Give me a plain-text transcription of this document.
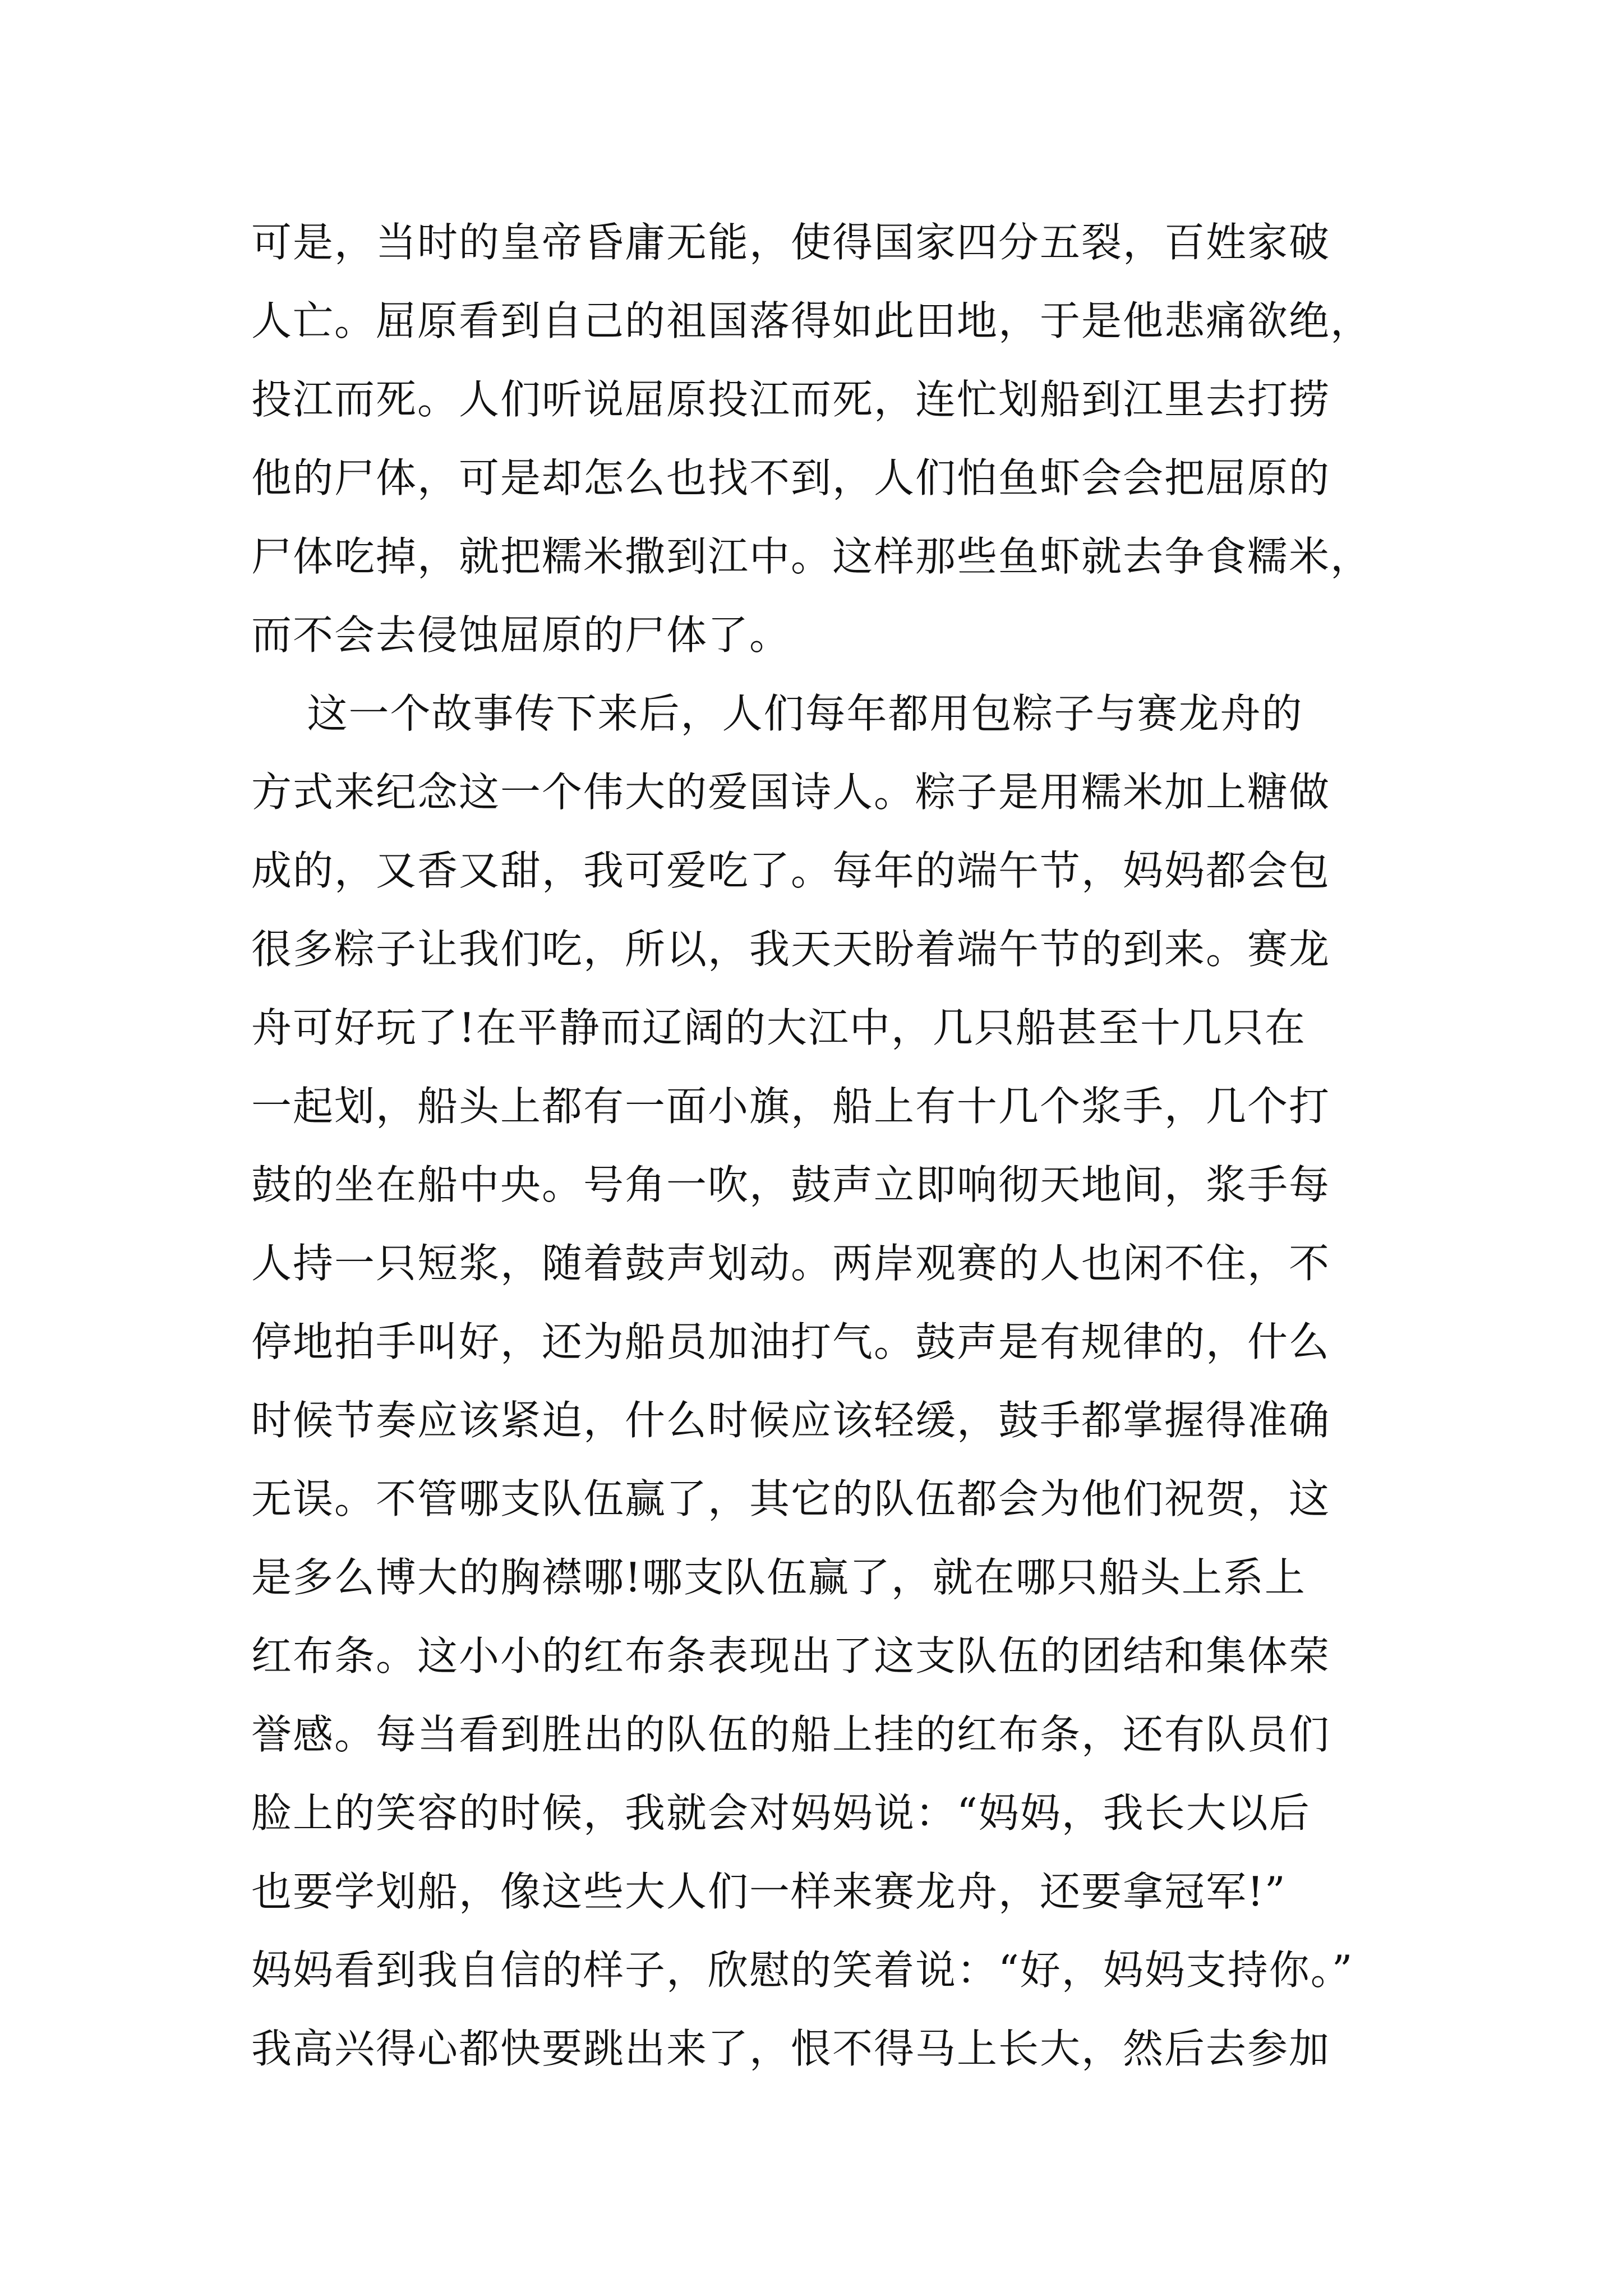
可是，当时的皇帝昏庸无能，使得国家四分五裂，百姓家破
人亡。屈原看到自己的祖国落得如此田地，于是他悲痛欲绝，
投江而死。人们听说屈原投江而死，连忙划船到江里去打捞
他的尸体，可是却怎么也找不到，人们怕鱼虾会会把屈原的
尸体吃掉，就把糯米撒到江中。这样那些鱼虾就去争食糯米，
而不会去侵蚀屈原的尸体了。
这一个故事传下来后，人们每年都用包粽子与赛龙舟的
方式来纪念这一个伟大的爱国诗人。粽子是用糯米加上糖做
成的，又香又甜，我可爱吃了。每年的端午节，妈妈都会包
很多粽子让我们吃，所以，我天天盼着端午节的到来。赛龙
舟可好玩了!在平静而辽阔的大江中，几只船甚至十几只在
一起划，船头上都有一面小旗，船上有十几个浆手，几个打
鼓的坐在船中央。号角一吹，鼓声立即响彻天地间，浆手每
人持一只短浆，随着鼓声划动。两岸观赛的人也闲不住，不
停地拍手叫好，还为船员加油打气。鼓声是有规律的，什么
时候节奏应该紧迫，什么时候应该轻缓，鼓手都掌握得准确
无误。不管哪支队伍赢了，其它的队伍都会为他们祝贺，这
是多么博大的胸襟哪!哪支队伍赢了，就在哪只船头上系上
红布条。这小小的红布条表现出了这支队伍的团结和集体荣
誉感。每当看到胜出的队伍的船上挂的红布条，还有队员们
脸上的笑容的时候，我就会对妈妈说：“妈妈，我长大以后
也要学划船，像这些大人们一样来赛龙舟，还要拿冠军!”
妈妈看到我自信的样子，欣慰的笑着说：“好，妈妈支持你。”
我高兴得心都快要跳出来了，恨不得马上长大，然后去参加
